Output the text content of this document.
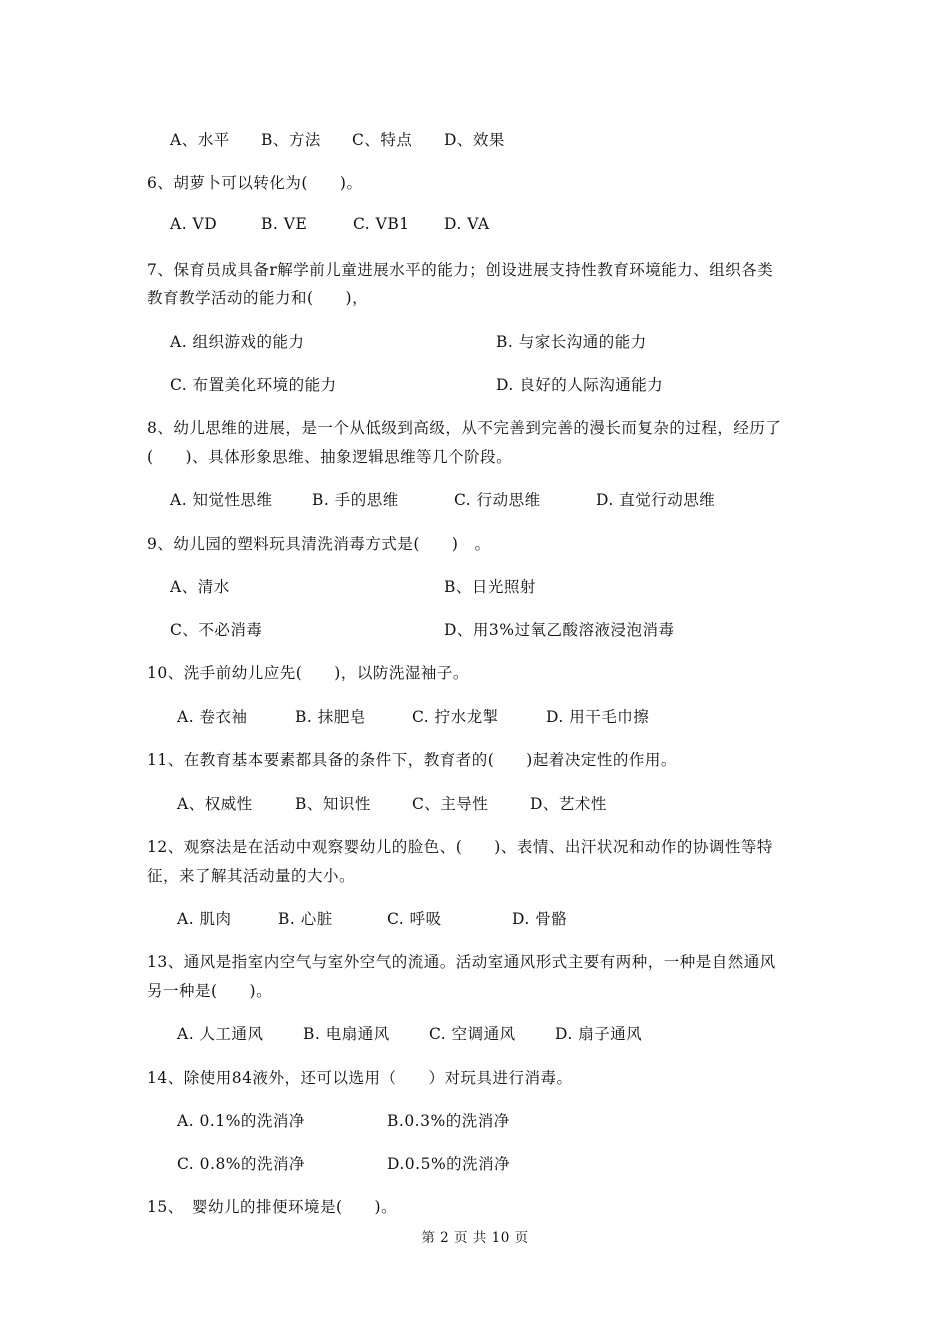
A、水平 B、方法 C、特点 D、效果
6、胡萝卜可以转化为(　　)。
A. VD	B. VE	C. VB1 D. VA
7、保育员成具备r解学前儿童进展水平的能力；创设进展支持性教育环境能力、组织各类
教育教学活动的能力和(　　)，
A. 组织游戏的能力	B. 与家长沟通的能力
C. 布置美化环境的能力	D. 良好的人际沟通能力
8、幼儿思维的进展，是一个从低级到高级，从不完善到完善的漫长而复杂的过程，经历了
(　　)、具体形象思维、抽象逻辑思维等几个阶段。
A. 知觉性思维	B. 手的思维	C. 行动思维	D. 直觉行动思维
9、幼儿园的塑料玩具清洗消毒方式是(　　)　。
A、清水	B、日光照射
C、不必消毒	D、用3%过氧乙酸溶液浸泡消毒
10、洗手前幼儿应先(　　)，以防洗湿袖子。
A. 卷衣袖	B. 抹肥皂	C. 拧水龙掣	D. 用干毛巾擦
11、在教育基本要素都具备的条件下，教育者的(　　)起着决定性的作用。
A、权威性	B、知识性	C、主导性	D、艺术性
12、观察法是在活动中观察婴幼儿的脸色、(　　)、表情、出汗状况和动作的协调性等特
征，来了解其活动量的大小。
A. 肌肉	B. 心脏	C. 呼吸	D. 骨骼
13、通风是指室内空气与室外空气的流通。活动室通风形式主要有两种，一种是自然通风
另一种是(　　)。
A. 人工通风	B. 电扇通风	C. 空调通风	D. 扇子通风
14、除使用84液外，还可以选用（　　）对玩具进行消毒。
A. 0.1%的洗消净	B.0.3%的洗消净
C. 0.8%的洗消净	D.0.5%的洗消净
15、　婴幼儿的排便环境是(　　)。
第 2 页 共 10 页
